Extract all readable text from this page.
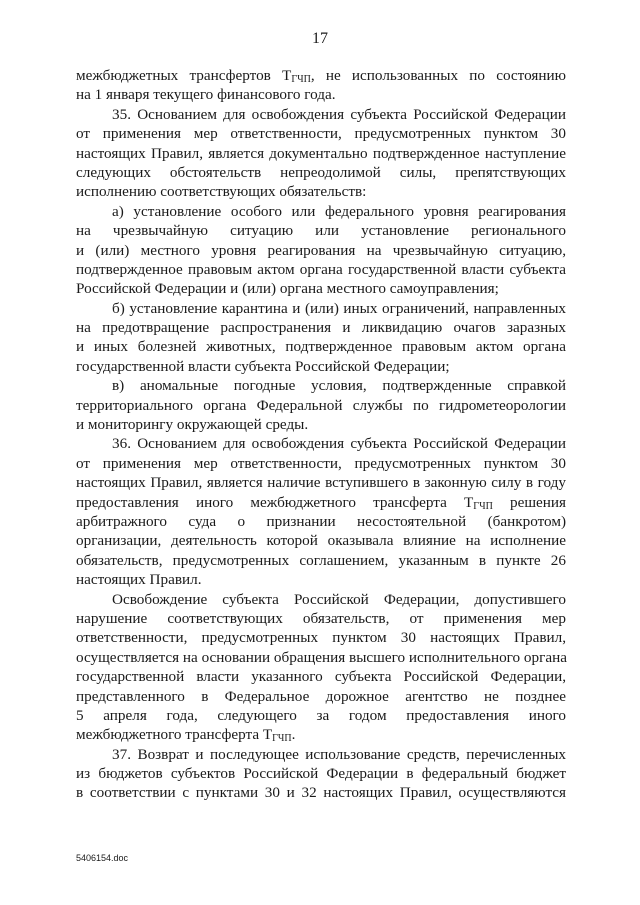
17
межбюджетных трансфертов $T_{ГЧП}$, не использованных по состоянию
на 1 января текущего финансового года.
35. Основанием для освобождения субъекта Российской Федерации
от применения мер ответственности, предусмотренных пунктом 30
настоящих Правил, является документально подтвержденное наступление
следующих обстоятельств непреодолимой силы, препятствующих
исполнению соответствующих обязательств:
а) установление особого или федерального уровня реагирования
на чрезвычайную ситуацию или установление регионального
и (или) местного уровня реагирования на чрезвычайную ситуацию,
подтвержденное правовым актом органа государственной власти субъекта
Российской Федерации и (или) органа местного самоуправления;
б) установление карантина и (или) иных ограничений, направленных
на предотвращение распространения и ликвидацию очагов заразных
и иных болезней животных, подтвержденное правовым актом органа
государственной власти субъекта Российской Федерации;
в) аномальные погодные условия, подтвержденные справкой
территориального органа Федеральной службы по гидрометеорологии
и мониторингу окружающей среды.
36. Основанием для освобождения субъекта Российской Федерации
от применения мер ответственности, предусмотренных пунктом 30
настоящих Правил, является наличие вступившего в законную силу в году
предоставления иного межбюджетного трансферта $T_{ГЧП}$ решения
арбитражного суда о признании несостоятельной (банкротом)
организации, деятельность которой оказывала влияние на исполнение
обязательств, предусмотренных соглашением, указанным в пункте 26
настоящих Правил.
Освобождение субъекта Российской Федерации, допустившего
нарушение соответствующих обязательств, от применения мер
ответственности, предусмотренных пунктом 30 настоящих Правил,
осуществляется на основании обращения высшего исполнительного органа
государственной власти указанного субъекта Российской Федерации,
представленного в Федеральное дорожное агентство не позднее
5 апреля года, следующего за годом предоставления иного
межбюджетного трансферта $T_{ГЧП}$.
37. Возврат и последующее использование средств, перечисленных
из бюджетов субъектов Российской Федерации в федеральный бюджет
в соответствии с пунктами 30 и 32 настоящих Правил, осуществляются
5406154.doc
